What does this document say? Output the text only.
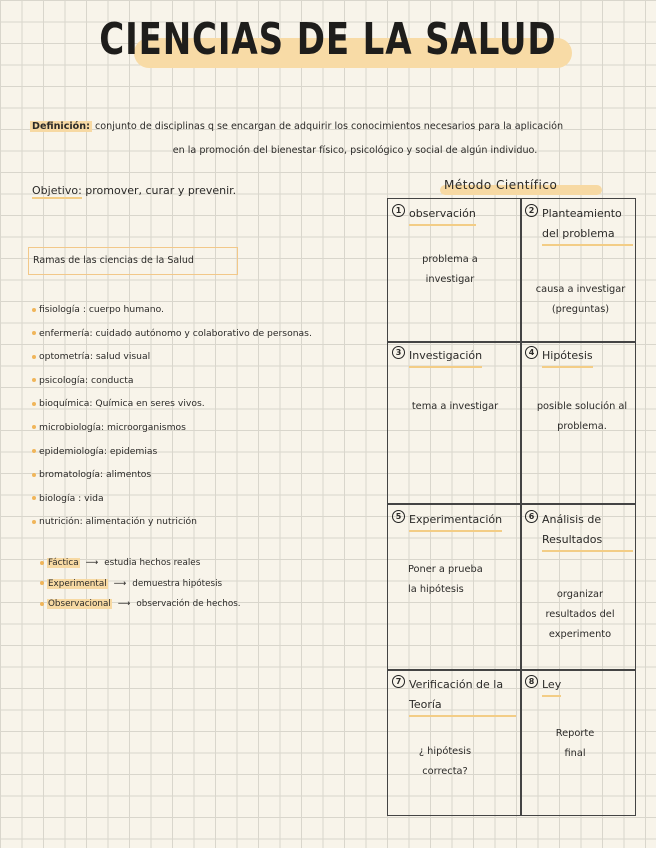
CIENCIAS DE LA SALUD
Definición: conjunto de disciplinas q se encargan de adquirir los conocimientos necesarios para la aplicación
en la promoción del bienestar físico, psicológico y social de algún individuo.
Objetivo: promover, curar y prevenir.
Ramas de las ciencias de la Salud
fisiología : cuerpo humano.
enfermería: cuidado autónomo y colaborativo de personas.
optometría: salud visual
psicología: conducta
bioquímica: Química en seres vivos.
microbiología: microorganismos
epidemiología: epidemias
bromatología: alimentos
biología : vida
nutrición: alimentación y nutrición
Fáctica ⟶ estudia hechos reales
Experimental ⟶ demuestra hipótesis
Observacional ⟶ observación de hechos.
Método Científico
1 observación
problema a investigar
2 Planteamiento del problema
causa a investigar (preguntas)
3 Investigación
tema a investigar
4 Hipótesis
posible solución al problema.
5 Experimentación
Poner a prueba la hipótesis
6 Análisis de Resultados
organizar resultados del experimento
7 Verificación de la Teoría
¿ hipótesis correcta?
8 Ley
Reporte final
